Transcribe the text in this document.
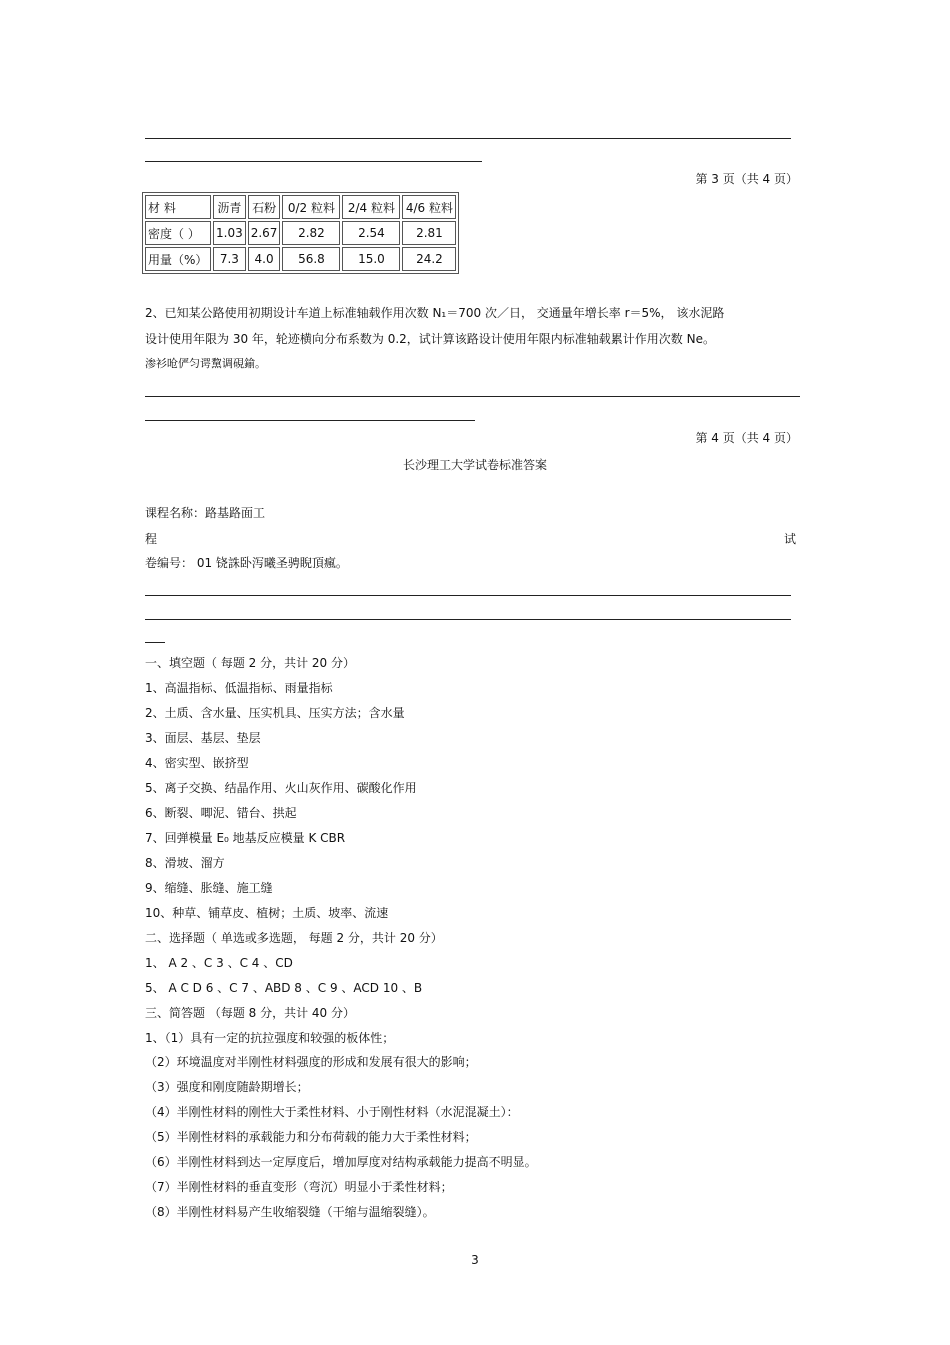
第 3 页（共 4 页）
材 料	沥青	石粉	0/2 粒料	2/4 粒料	4/6 粒料
密度（ ）	1.03	2.67	2.82	2.54	2.81
用量（%）	7.3	4.0	56.8	15.0	24.2
2、已知某公路使用初期设计车道上标准轴载作用次数 N₁＝700 次／日， 交通量年增长率 r＝5%， 该水泥路
设计使用年限为 30 年，轮迹横向分布系数为 0.2，试计算该路设计使用年限内标准轴载累计作用次数 Ne。
渗衫呛俨匀谔黧调硯鍮。
第 4 页（共 4 页）
长沙理工大学试卷标准答案
课程名称：路基路面工
程	试
卷编号： 01 铙誅卧泻曦圣骋睨頂瘋。
一、填空题（ 每题 2 分，共计 20 分）
1、高温指标、低温指标、雨量指标
2、土质、含水量、压实机具、压实方法；含水量
3、面层、基层、垫层
4、密实型、嵌挤型
5、离子交换、结晶作用、火山灰作用、碳酸化作用
6、断裂、唧泥、错台、拱起
7、回弹模量 E₀ 地基反应模量 K CBR
8、滑坡、溜方
9、缩缝、胀缝、施工缝
10、种草、铺草皮、植树；土质、坡率、流速
二、选择题（ 单选或多选题， 每题 2 分，共计 20 分）
1、 A 2 、C 3 、C 4 、CD
5、 A C D 6 、C 7 、ABD 8 、C 9 、ACD 10 、B
三、简答题 （每题 8 分，共计 40 分）
1、（1）具有一定的抗拉强度和较强的板体性；
（2）环境温度对半刚性材料强度的形成和发展有很大的影响；
（3）强度和刚度随龄期增长；
（4）半刚性材料的刚性大于柔性材料、小于刚性材料（水泥混凝土）：
（5）半刚性材料的承载能力和分布荷载的能力大于柔性材料；
（6）半刚性材料到达一定厚度后，增加厚度对结构承载能力提高不明显。
（7）半刚性材料的垂直变形（弯沉）明显小于柔性材料；
（8）半刚性材料易产生收缩裂缝（干缩与温缩裂缝）。
3
